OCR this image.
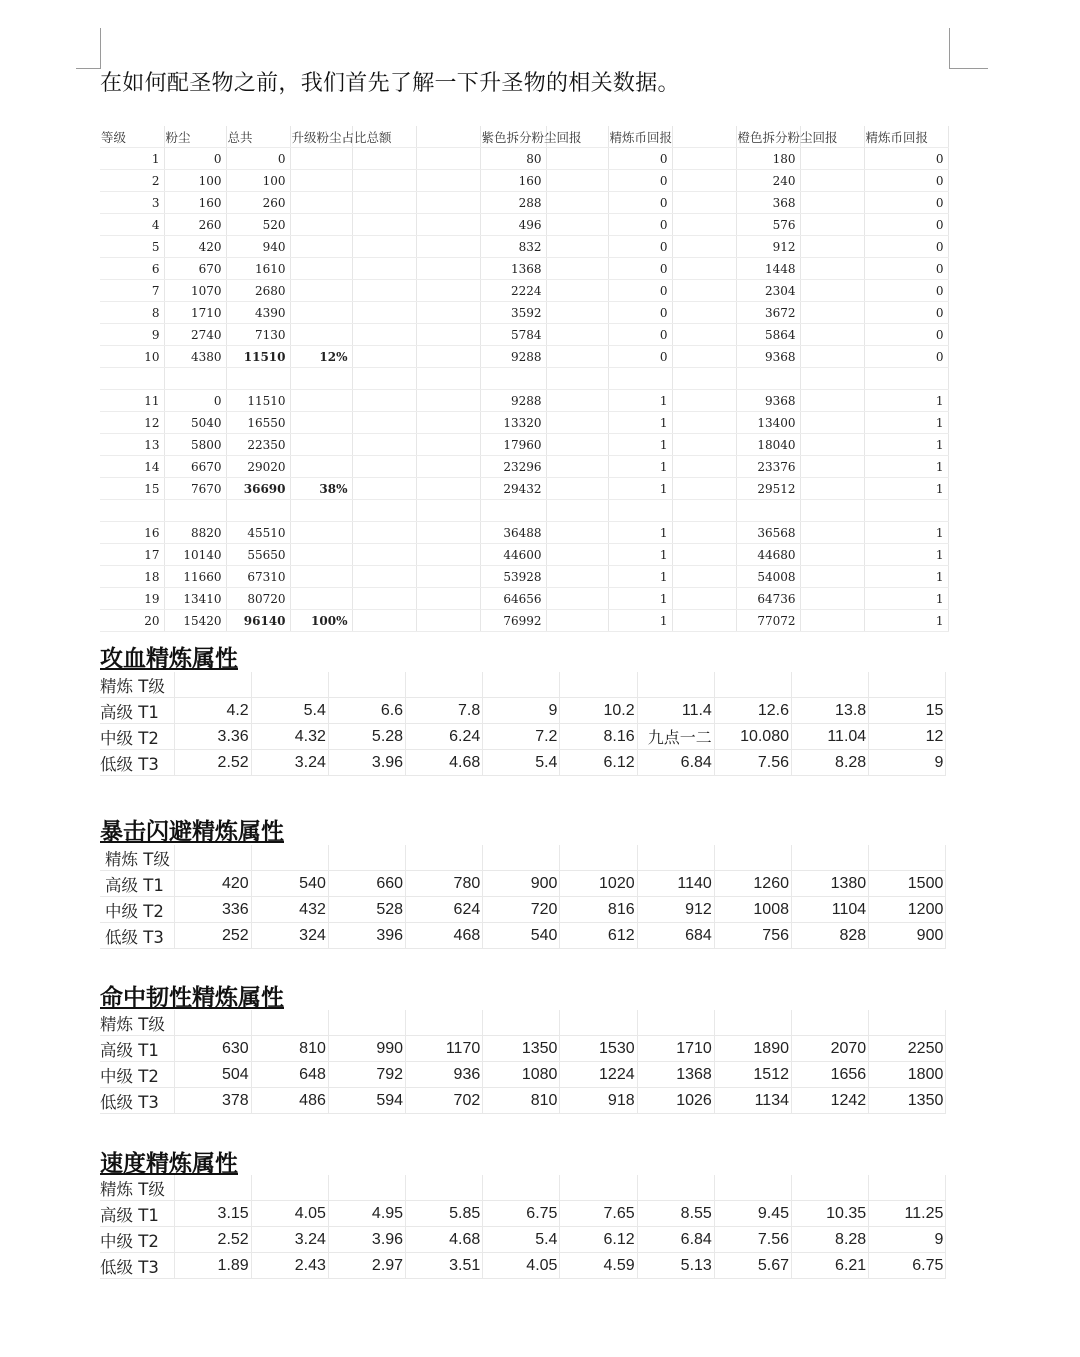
在如何配圣物之前，我们首先了解一下升圣物的相关数据。
等级	粉尘	总共	升级粉尘占比总额			紫色拆分粉尘回报		精炼币回报		橙色拆分粉尘回报		精炼币回报
1	0	0				80		0		180		0
2	100	100				160		0		240		0
3	160	260				288		0		368		0
4	260	520				496		0		576		0
5	420	940				832		0		912		0
6	670	1610				1368		0		1448		0
7	1070	2680				2224		0		2304		0
8	1710	4390				3592		0		3672		0
9	2740	7130				5784		0		5864		0
10	4380	11510	12%			9288		0		9368		0

11	0	11510				9288		1		9368		1
12	5040	16550				13320		1		13400		1
13	5800	22350				17960		1		18040		1
14	6670	29020				23296		1		23376		1
15	7670	36690	38%			29432		1		29512		1

16	8820	45510				36488		1		36568		1
17	10140	55650				44600		1		44680		1
18	11660	67310				53928		1		54008		1
19	13410	80720				64656		1		64736		1
20	15420	96140	100%			76992		1		77072		1
攻血精炼属性
精炼 T级										
高级 T1	4.2	5.4	6.6	7.8	9	10.2	11.4	12.6	13.8	15
中级 T2	3.36	4.32	5.28	6.24	7.2	8.16	九点一二	10.080	11.04	12
低级 T3	2.52	3.24	3.96	4.68	5.4	6.12	6.84	7.56	8.28	9
暴击闪避精炼属性
精炼 T级										
高级 T1	420	540	660	780	900	1020	1140	1260	1380	1500
中级 T2	336	432	528	624	720	816	912	1008	1104	1200
低级 T3	252	324	396	468	540	612	684	756	828	900
命中韧性精炼属性
精炼 T级										
高级 T1	630	810	990	1170	1350	1530	1710	1890	2070	2250
中级 T2	504	648	792	936	1080	1224	1368	1512	1656	1800
低级 T3	378	486	594	702	810	918	1026	1134	1242	1350
速度精炼属性
精炼 T级										
高级 T1	3.15	4.05	4.95	5.85	6.75	7.65	8.55	9.45	10.35	11.25
中级 T2	2.52	3.24	3.96	4.68	5.4	6.12	6.84	7.56	8.28	9
低级 T3	1.89	2.43	2.97	3.51	4.05	4.59	5.13	5.67	6.21	6.75
